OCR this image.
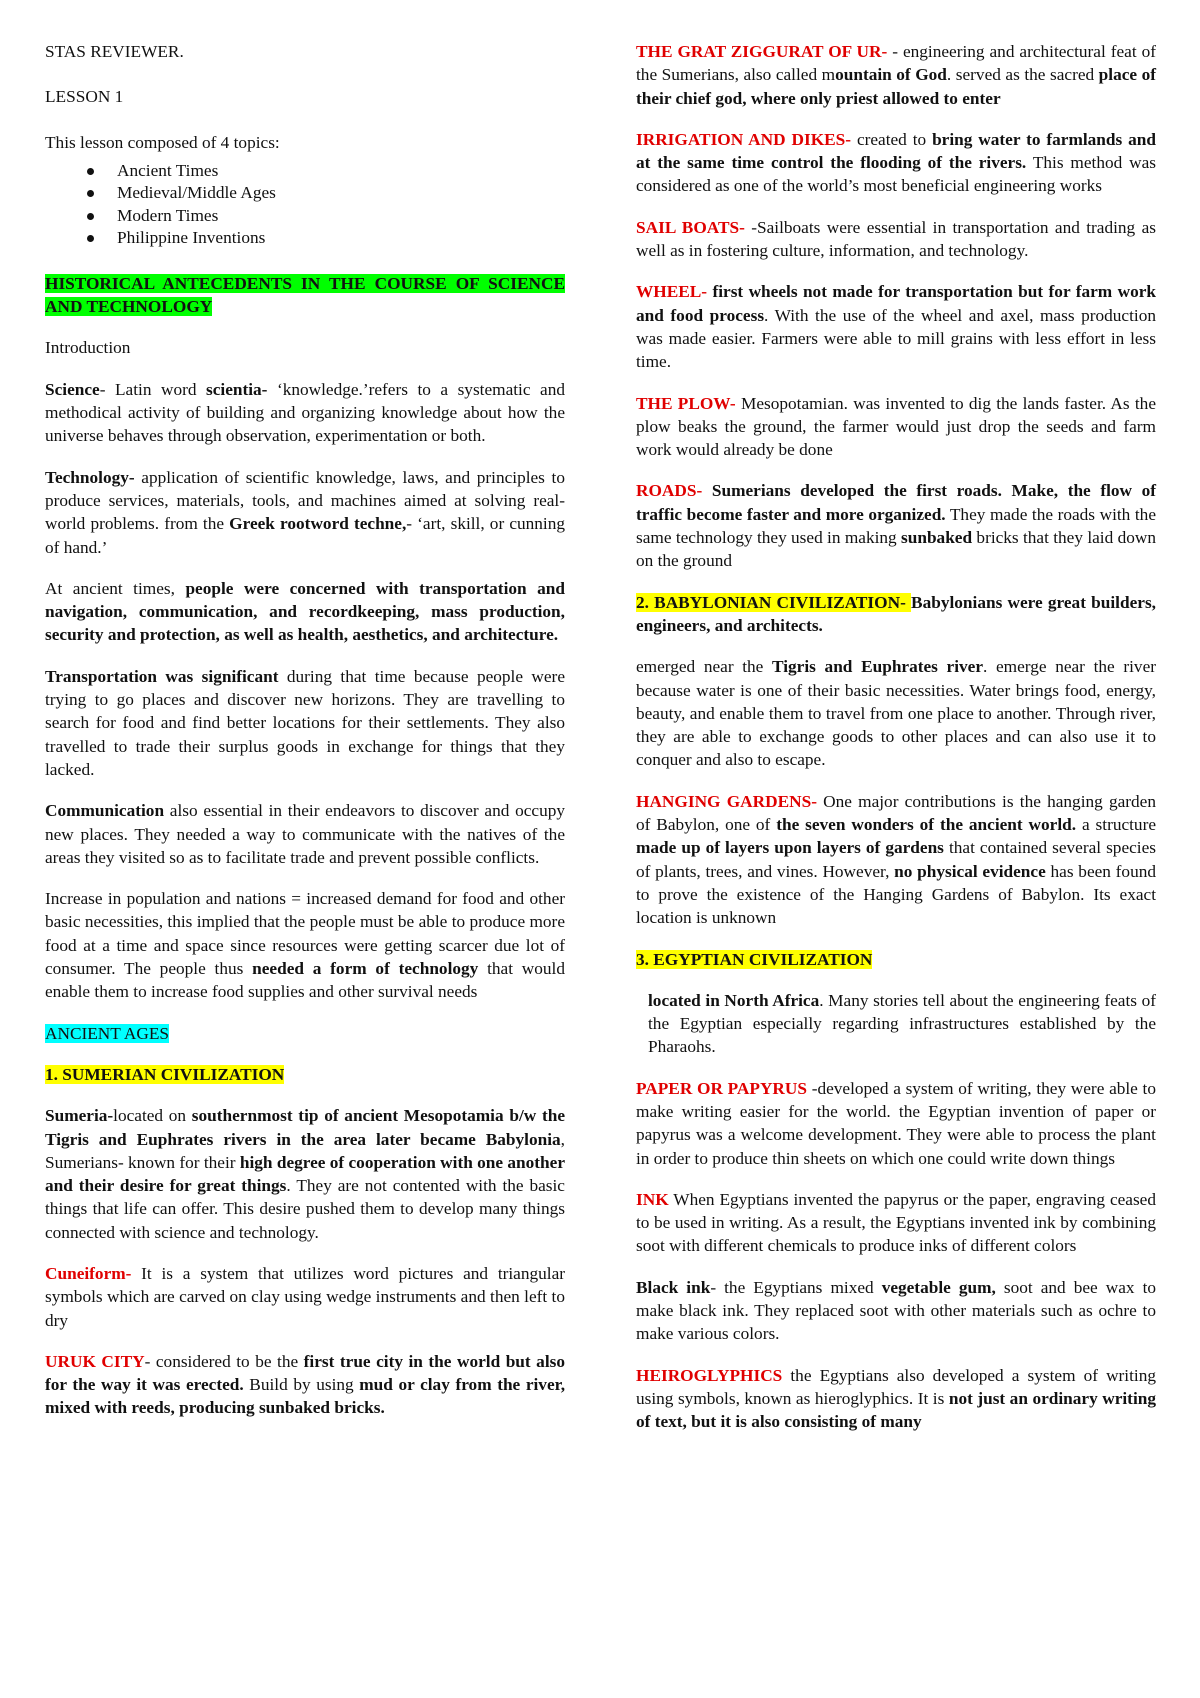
STAS REVIEWER.

LESSON 1

This lesson composed of 4 topics:

Ancient Times
Medieval/Middle Ages
Modern Times
Philippine Inventions

HISTORICAL ANTECEDENTS IN THE COURSE OF SCIENCE AND TECHNOLOGY

Introduction

Science- Latin word scientia- ‘knowledge.’refers to a systematic and methodical activity of building and organizing knowledge about how the universe behaves through observation, experimentation or both.

Technology- application of scientific knowledge, laws, and principles to produce services, materials, tools, and machines aimed at solving real-world problems. from the Greek rootword techne,- ‘art, skill, or cunning of hand.’

At ancient times, people were concerned with transportation and navigation, communication, and recordkeeping, mass production, security and protection, as well as health, aesthetics, and architecture.

Transportation was significant during that time because people were trying to go places and discover new horizons. They are travelling to search for food and find better locations for their settlements. They also travelled to trade their surplus goods in exchange for things that they lacked.

Communication also essential in their endeavors to discover and occupy new places. They needed a way to communicate with the natives of the areas they visited so as to facilitate trade and prevent possible conflicts.

Increase in population and nations = increased demand for food and other basic necessities, this implied that the people must be able to produce more food at a time and space since resources were getting scarcer due lot of consumer. The people thus needed a form of technology that would enable them to increase food supplies and other survival needs

ANCIENT AGES

1. SUMERIAN CIVILIZATION

Sumeria-located on southernmost tip of ancient Mesopotamia b/w the Tigris and Euphrates rivers in the area later became Babylonia, Sumerians- known for their high degree of cooperation with one another and their desire for great things. They are not contented with the basic things that life can offer. This desire pushed them to develop many things connected with science and technology.

Cuneiform- It is a system that utilizes word pictures and triangular symbols which are carved on clay using wedge instruments and then left to dry

URUK CITY- considered to be the first true city in the world but also for the way it was erected. Build by using mud or clay from the river, mixed with reeds, producing sunbaked bricks.

THE GRAT ZIGGURAT OF UR- - engineering and architectural feat of the Sumerians, also called mountain of God. served as the sacred place of their chief god, where only priest allowed to enter

IRRIGATION AND DIKES- created to bring water to farmlands and at the same time control the flooding of the rivers. This method was considered as one of the world’s most beneficial engineering works

SAIL BOATS- -Sailboats were essential in transportation and trading as well as in fostering culture, information, and technology.

WHEEL- first wheels not made for transportation but for farm work and food process. With the use of the wheel and axel, mass production was made easier. Farmers were able to mill grains with less effort in less time.

THE PLOW- Mesopotamian. was invented to dig the lands faster. As the plow beaks the ground, the farmer would just drop the seeds and farm work would already be done

ROADS- Sumerians developed the first roads. Make, the flow of traffic become faster and more organized. They made the roads with the same technology they used in making sunbaked bricks that they laid down on the ground

2. BABYLONIAN CIVILIZATION- Babylonians were great builders, engineers, and architects.

emerged near the Tigris and Euphrates river. emerge near the river because water is one of their basic necessities. Water brings food, energy, beauty, and enable them to travel from one place to another. Through river, they are able to exchange goods to other places and can also use it to conquer and also to escape.

HANGING GARDENS- One major contributions is the hanging garden of Babylon, one of the seven wonders of the ancient world. a structure made up of layers upon layers of gardens that contained several species of plants, trees, and vines. However, no physical evidence has been found to prove the existence of the Hanging Gardens of Babylon. Its exact location is unknown

3. EGYPTIAN CIVILIZATION

located in North Africa. Many stories tell about the engineering feats of the Egyptian especially regarding infrastructures established by the Pharaohs.

PAPER OR PAPYRUS -developed a system of writing, they were able to make writing easier for the world. the Egyptian invention of paper or papyrus was a welcome development. They were able to process the plant in order to produce thin sheets on which one could write down things

INK When Egyptians invented the papyrus or the paper, engraving ceased to be used in writing. As a result, the Egyptians invented ink by combining soot with different chemicals to produce inks of different colors

Black ink- the Egyptians mixed vegetable gum, soot and bee wax to make black ink. They replaced soot with other materials such as ochre to make various colors.

HEIROGLYPHICS the Egyptians also developed a system of writing using symbols, known as hieroglyphics. It is not just an ordinary writing of text, but it is also consisting of many
